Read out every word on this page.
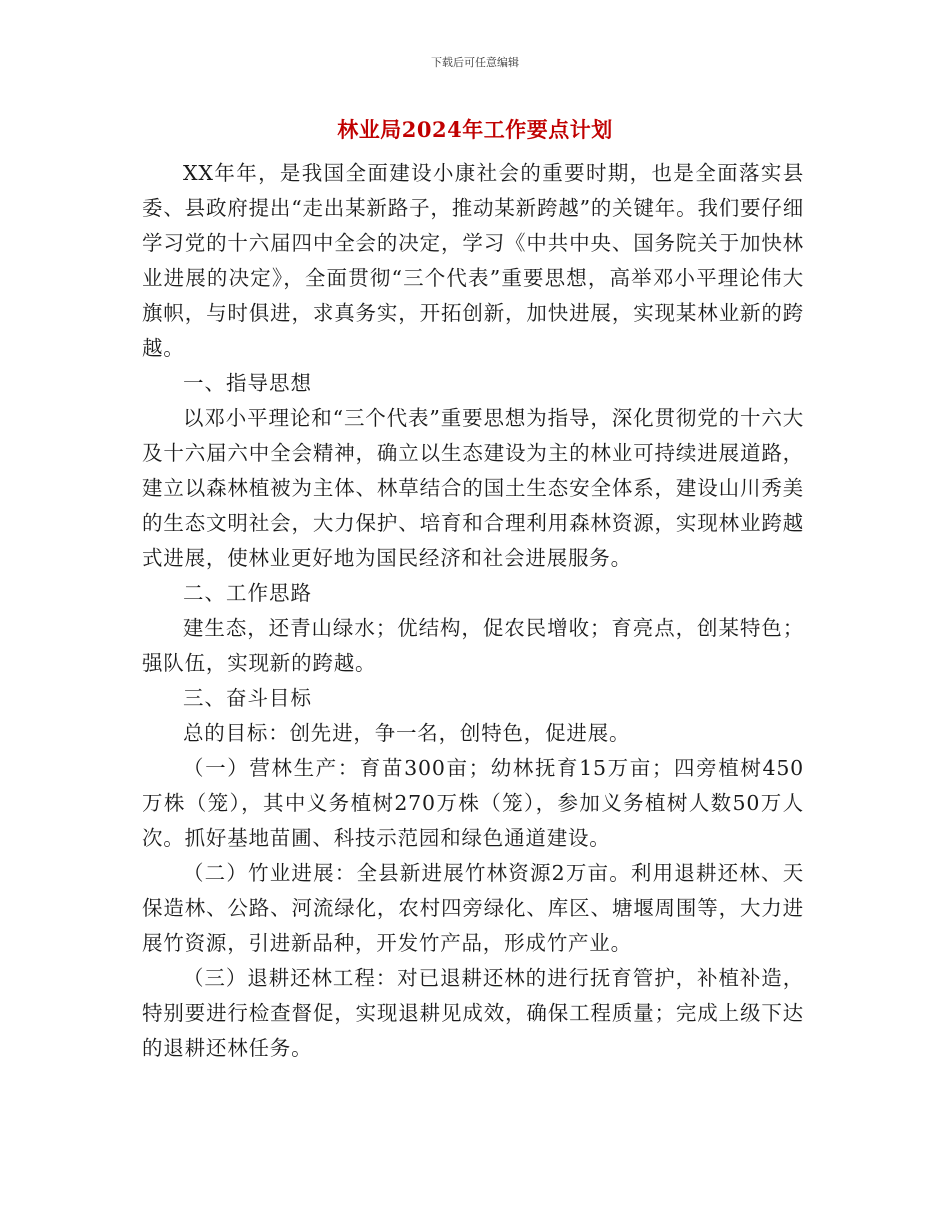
下载后可任意编辑
林业局2024年工作要点计划

XX年年，是我国全面建设小康社会的重要时期，也是全面落实县委、县政府提出“走出某新路子，推动某新跨越”的关键年。我们要仔细学习党的十六届四中全会的决定，学习《中共中央、国务院关于加快林业进展的决定》，全面贯彻“三个代表”重要思想，高举邓小平理论伟大旗帜，与时俱进，求真务实，开拓创新，加快进展，实现某林业新的跨越。

一、指导思想

以邓小平理论和“三个代表”重要思想为指导，深化贯彻党的十六大及十六届六中全会精神，确立以生态建设为主的林业可持续进展道路，建立以森林植被为主体、林草结合的国土生态安全体系，建设山川秀美的生态文明社会，大力保护、培育和合理利用森林资源，实现林业跨越式进展，使林业更好地为国民经济和社会进展服务。

二、工作思路

建生态，还青山绿水；优结构，促农民增收；育亮点，创某特色；强队伍，实现新的跨越。

三、奋斗目标

总的目标：创先进，争一名，创特色，促进展。

（一）营林生产：育苗300亩；幼林抚育15万亩；四旁植树450万株（笼），其中义务植树270万株（笼），参加义务植树人数50万人次。抓好基地苗圃、科技示范园和绿色通道建设。

（二）竹业进展：全县新进展竹林资源2万亩。利用退耕还林、天保造林、公路、河流绿化，农村四旁绿化、库区、塘堰周围等，大力进展竹资源，引进新品种，开发竹产品，形成竹产业。

（三）退耕还林工程：对已退耕还林的进行抚育管护，补植补造，特别要进行检查督促，实现退耕见成效，确保工程质量；完成上级下达的退耕还林任务。
